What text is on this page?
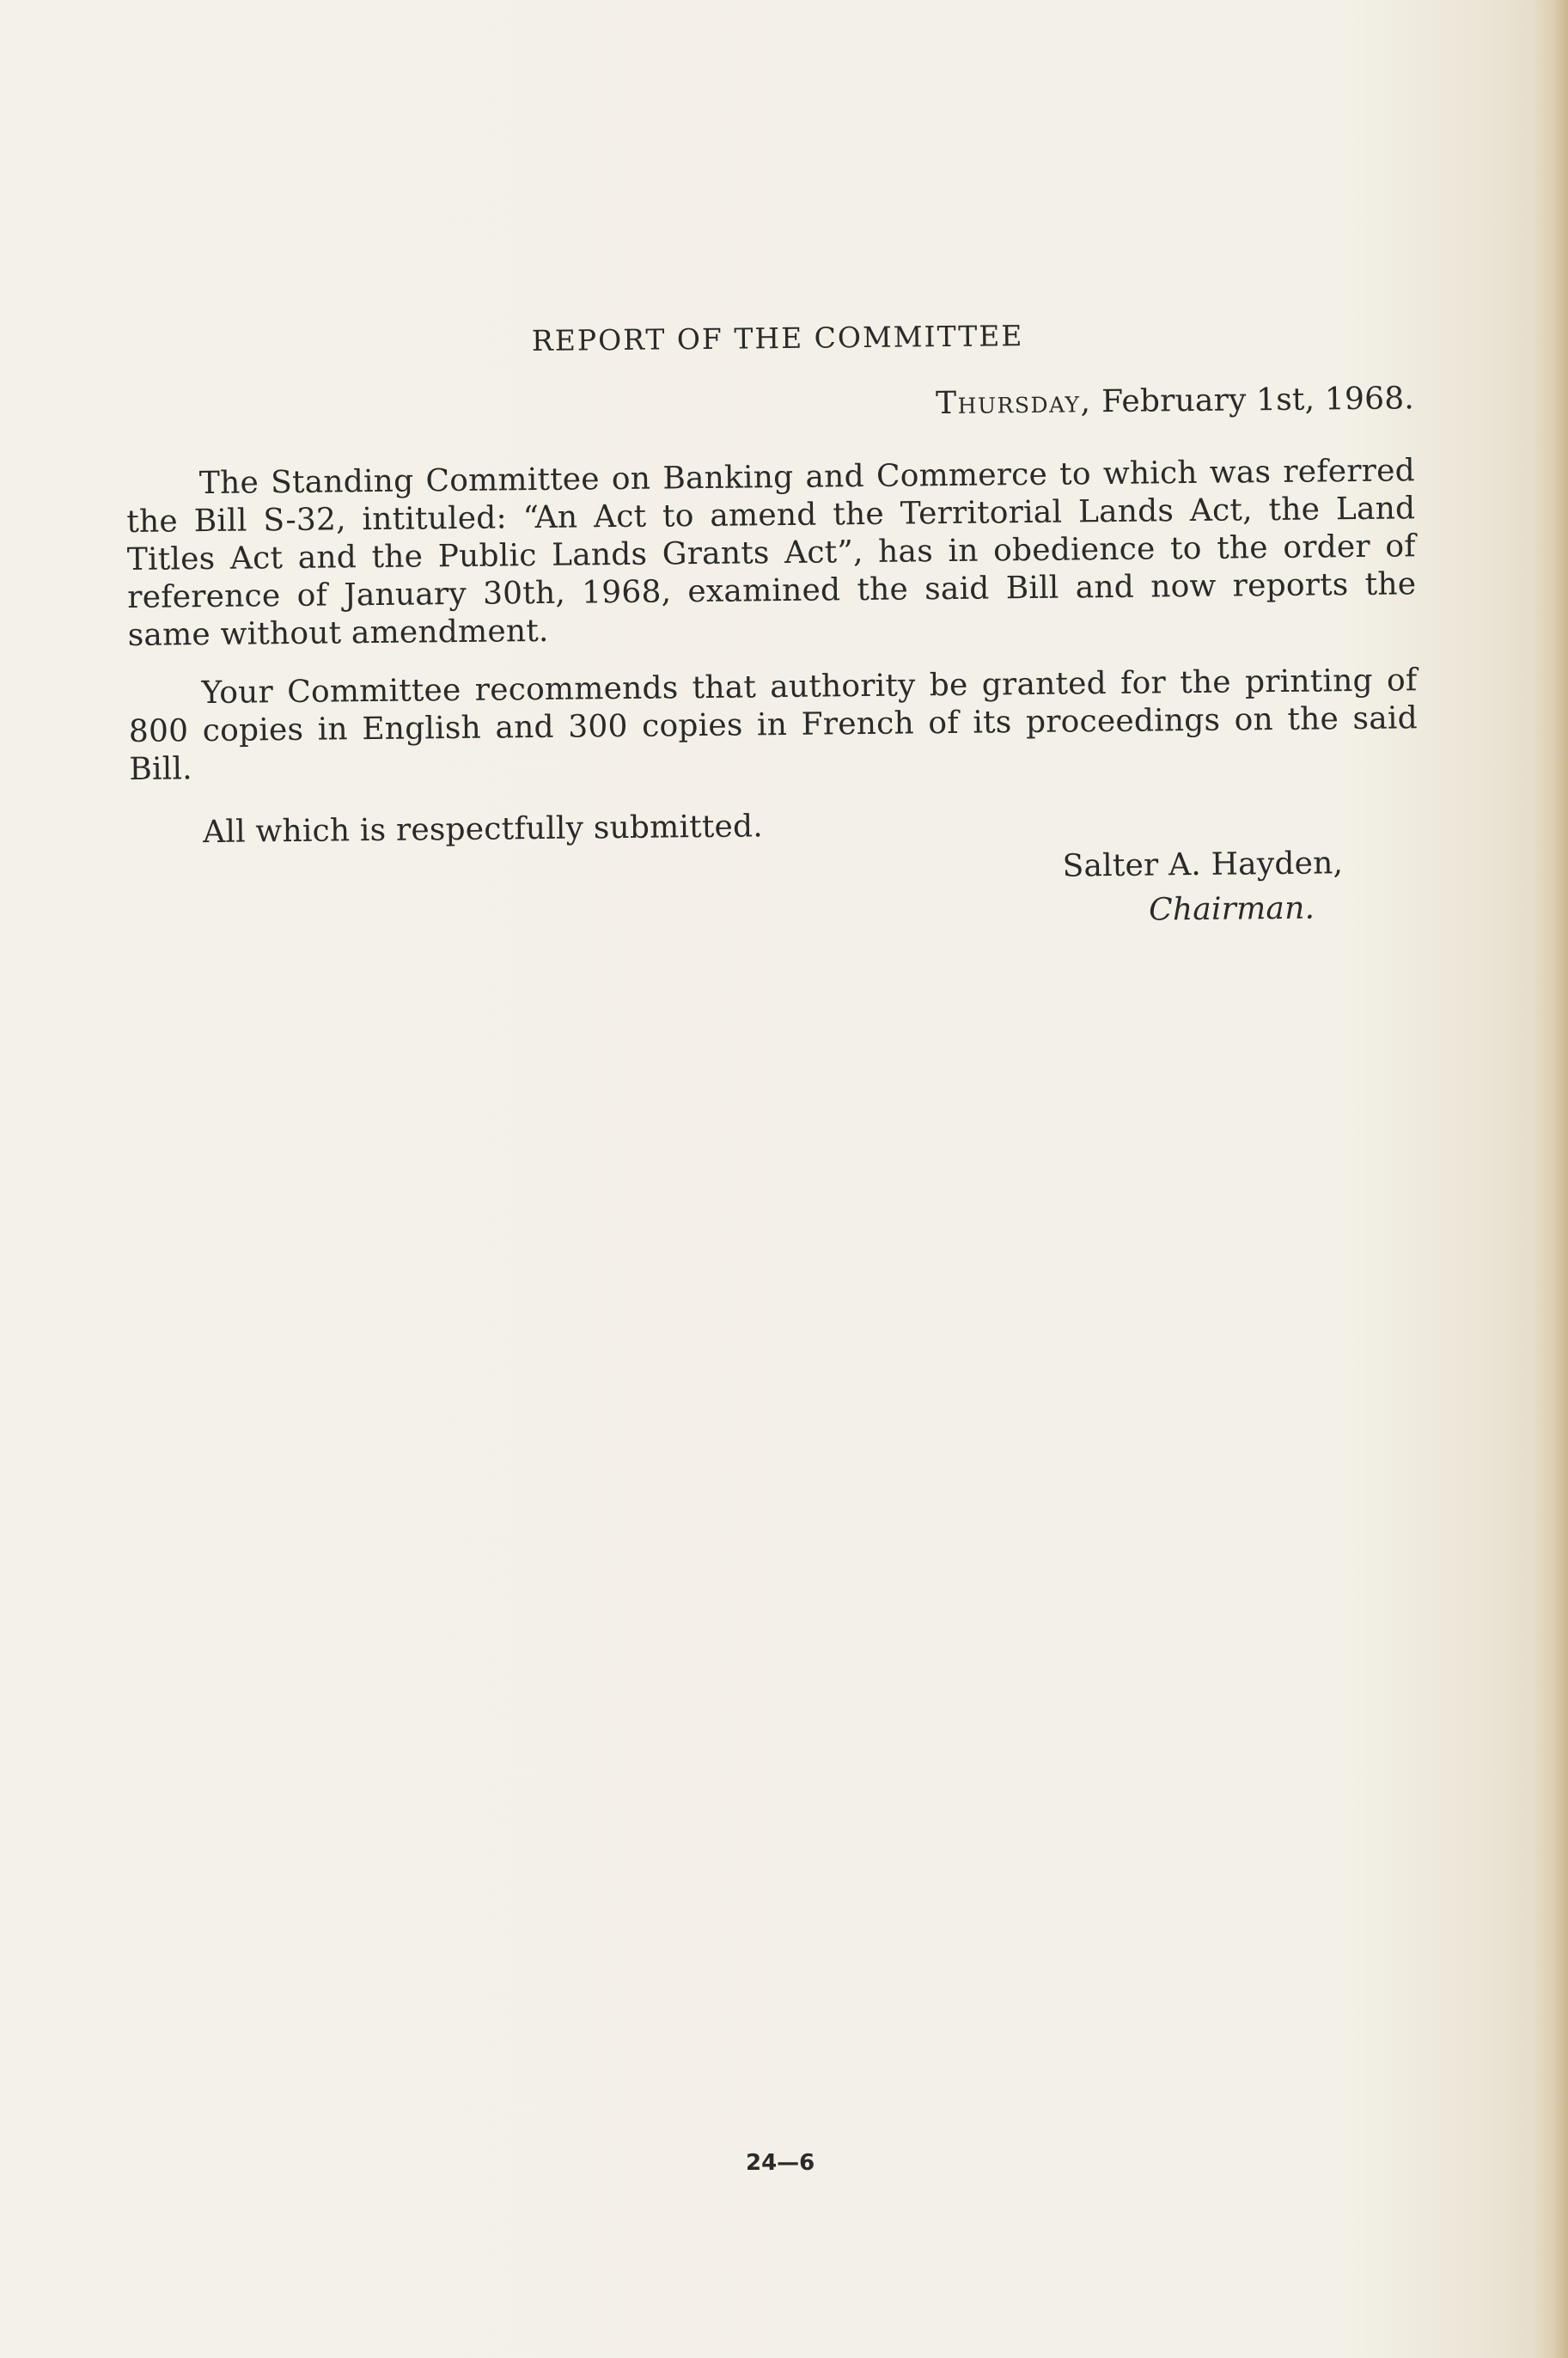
REPORT OF THE COMMITTEE
Thursday, February 1st, 1968.

The Standing Committee on Banking and Commerce to which was referred the Bill S-32, intituled: “An Act to amend the Territorial Lands Act, the Land Titles Act and the Public Lands Grants Act”, has in obedience to the order of reference of January 30th, 1968, examined the said Bill and now reports the same without amendment.

Your Committee recommends that authority be granted for the printing of 800 copies in English and 300 copies in French of its proceedings on the said Bill.

All which is respectfully submitted.

Salter A. Hayden,
Chairman.
24—6
